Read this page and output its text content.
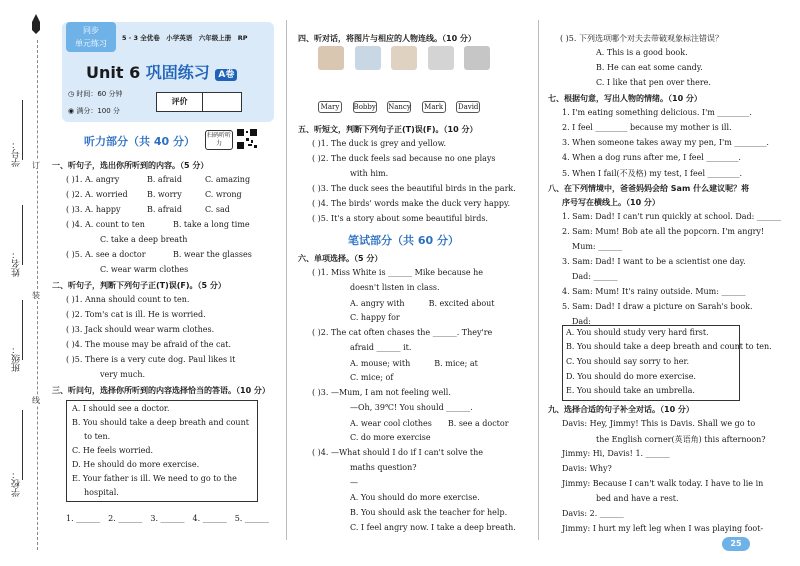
订
装
线
学号：
姓名：
班级：
学校：
同步
单元练习
5 · 3 全优卷　小学英语　六年级上册　RP
Unit 6 巩固练习 A卷
◷ 时间：60 分钟
◉ 满分：100 分
评价
听力部分（共 40 分）	扫码听听力
一、听句子，选出你所听到的内容。（5 分）
( )1. A. angry	B. afraid	C. amazing
( )2. A. worried B. worry	C. wrong
( )3. A. happy	B. afraid	C. sad
( )4. A. count to ten	B. take a long time
C. take a deep breath
( )5. A. see a doctor	B. wear the glasses
C. wear warm clothes
二、听句子，判断下列句子正(T)误(F)。（5 分）
( )1. Anna should count to ten.
( )2. Tom's cat is ill. He is worried.
( )3. Jack should wear warm clothes.
( )4. The mouse may be afraid of the cat.
( )5. There is a very cute dog. Paul likes it
very much.
三、听问句，选择你所听到的内容选择恰当的答语。（10 分）
A. I should see a doctor.
B. You should take a deep breath and count
to ten.
C. He feels worried.
D. He should do more exercise.
E. Your father is ill. We need to go to the
hospital.
1. ______　2. ______　3. ______　4. ______　5. ______
四、听对话，将图片与相应的人物连线。（10 分）

Mary Bobby Nancy Mark David
五、听短文，判断下列句子正(T)误(F)。（10 分）
( )1. The duck is grey and yellow.
( )2. The duck feels sad because no one plays
with him.
( )3. The duck sees the beautiful birds in the park.
( )4. The birds' words make the duck very happy.
( )5. It's a story about some beautiful birds.
笔试部分（共 60 分）
六、单项选择。（5 分）
( )1. Miss White is ______ Mike because he
doesn't listen in class.
A. angry with　　　B. excited about
C. happy for
( )2. The cat often chases the ______. They're
afraid ______ it.
A. mouse; with　　　B. mice; at
C. mice; of
( )3. —Mum, I am not feeling well.
—Oh, 39℃! You should ______.
A. wear cool clothes　　B. see a doctor
C. do more exercise
( )4. —What should I do if I can't solve the
maths question?
—
A. You should do more exercise.
B. You should ask the teacher for help.
C. I feel angry now. I take a deep breath.
( )5. 下列选项哪个对夫去带破观象标注错误？
A. This is a good book.
B. He can eat some candy.
C. I like that pen over there.
七、根据句意，写出人物的情绪。（10 分）
1. I'm eating something delicious. I'm ________.
2. I feel ________ because my mother is ill.
3. When someone takes away my pen, I'm ________.
4. When a dog runs after me, I feel ________.
5. When I fail(不及格) my test, I feel ________.
八、在下列情境中，爸爸妈妈会给 Sam 什么建议呢？将
序号写在横线上。（10 分）
1. Sam: Dad! I can't run quickly at school. Dad: ______
2. Sam: Mum! Bob ate all the popcorn. I'm angry!
Mum: ______
3. Sam: Dad! I want to be a scientist one day.
Dad: ______
4. Sam: Mum! It's rainy outside. Mum: ______
5. Sam: Dad! I draw a picture on Sarah's book.
Dad: ______
A. You should study very hard first.
B. You should take a deep breath and count to ten.
C. You should say sorry to her.
D. You should do more exercise.
E. You should take an umbrella.
九、选择合适的句子补全对话。（10 分）
Davis: Hey, Jimmy! This is Davis. Shall we go to
the English corner(英语角) this afternoon?
Jimmy: Hi, Davis! 1. ______
Davis: Why?
Jimmy: Because I can't walk today. I have to lie in
bed and have a rest.
Davis: 2. ______
Jimmy: I hurt my left leg when I was playing foot-
25
